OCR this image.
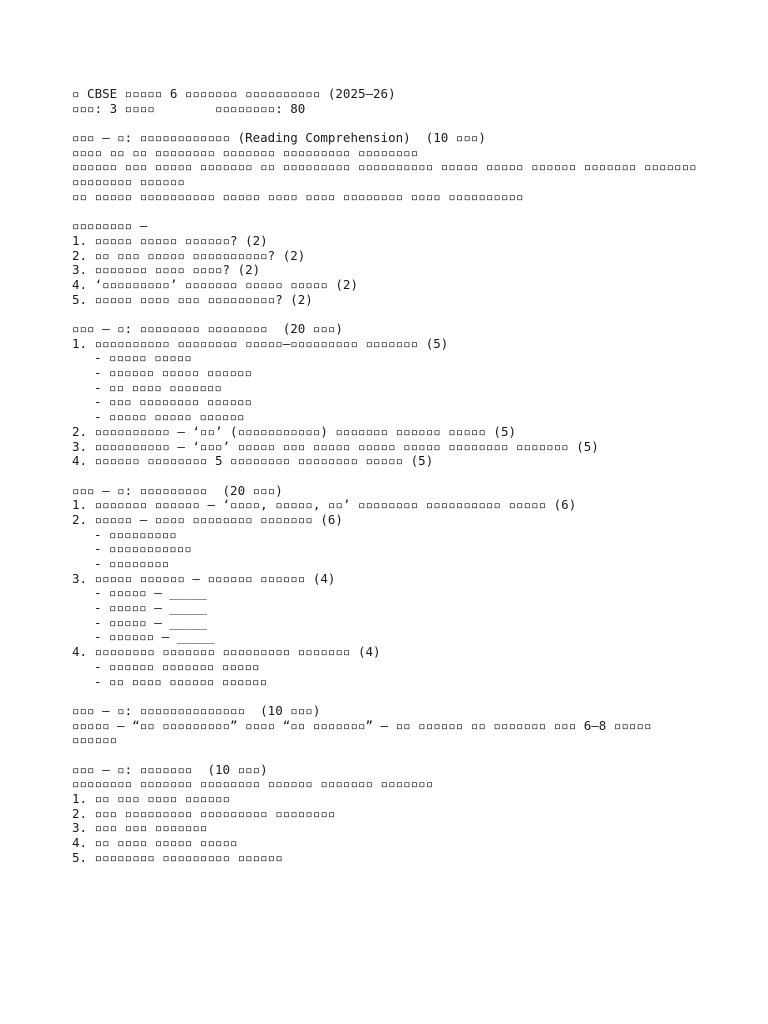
▫ CBSE ▫▫▫▫▫ 6 ▫▫▫▫▫▫▫ ▫▫▫▫▫▫▫▫▫▫ (2025–26)
▫▫▫: 3 ▫▫▫▫        ▫▫▫▫▫▫▫▫: 80
▫▫▫ – ▫: ▫▫▫▫▫▫▫▫▫▫▫▫ (Reading Comprehension)  (10 ▫▫▫)
▫▫▫▫ ▫▫ ▫▫ ▫▫▫▫▫▫▫▫ ▫▫▫▫▫▫▫ ▫▫▫▫▫▫▫▫▫ ▫▫▫▫▫▫▫▫
▫▫▫▫▫▫ ▫▫▫ ▫▫▫▫▫ ▫▫▫▫▫▫▫ ▫▫ ▫▫▫▫▫▫▫▫▫ ▫▫▫▫▫▫▫▫▫▫ ▫▫▫▫▫ ▫▫▫▫▫ ▫▫▫▫▫▫ ▫▫▫▫▫▫▫ ▫▫▫▫▫▫▫
▫▫▫▫▫▫▫▫ ▫▫▫▫▫▫
▫▫ ▫▫▫▫▫ ▫▫▫▫▫▫▫▫▫▫ ▫▫▫▫▫ ▫▫▫▫ ▫▫▫▫ ▫▫▫▫▫▫▫▫ ▫▫▫▫ ▫▫▫▫▫▫▫▫▫▫
▫▫▫▫▫▫▫▫ –
1. ▫▫▫▫▫ ▫▫▫▫▫ ▫▫▫▫▫▫? (2)
2. ▫▫ ▫▫▫ ▫▫▫▫▫ ▫▫▫▫▫▫▫▫▫▫? (2)
3. ▫▫▫▫▫▫▫ ▫▫▫▫ ▫▫▫▫? (2)
4. ‘▫▫▫▫▫▫▫▫▫’ ▫▫▫▫▫▫▫ ▫▫▫▫▫ ▫▫▫▫▫ (2)
5. ▫▫▫▫▫ ▫▫▫▫ ▫▫▫ ▫▫▫▫▫▫▫▫▫? (2)
▫▫▫ – ▫: ▫▫▫▫▫▫▫▫ ▫▫▫▫▫▫▫▫  (20 ▫▫▫)
1. ▫▫▫▫▫▫▫▫▫▫ ▫▫▫▫▫▫▫▫ ▫▫▫▫▫–▫▫▫▫▫▫▫▫▫ ▫▫▫▫▫▫▫ (5)
- ▫▫▫▫▫ ▫▫▫▫▫
- ▫▫▫▫▫▫ ▫▫▫▫▫ ▫▫▫▫▫▫
- ▫▫ ▫▫▫▫ ▫▫▫▫▫▫▫
- ▫▫▫ ▫▫▫▫▫▫▫▫ ▫▫▫▫▫▫
- ▫▫▫▫▫ ▫▫▫▫▫ ▫▫▫▫▫▫
2. ▫▫▫▫▫▫▫▫▫▫ – ‘▫▫’ (▫▫▫▫▫▫▫▫▫▫▫) ▫▫▫▫▫▫▫ ▫▫▫▫▫▫ ▫▫▫▫▫ (5)
3. ▫▫▫▫▫▫▫▫▫▫ – ‘▫▫▫’ ▫▫▫▫▫ ▫▫▫ ▫▫▫▫▫ ▫▫▫▫▫ ▫▫▫▫▫ ▫▫▫▫▫▫▫▫ ▫▫▫▫▫▫▫ (5)
4. ▫▫▫▫▫▫ ▫▫▫▫▫▫▫▫ 5 ▫▫▫▫▫▫▫▫ ▫▫▫▫▫▫▫▫ ▫▫▫▫▫ (5)
▫▫▫ – ▫: ▫▫▫▫▫▫▫▫▫  (20 ▫▫▫)
1. ▫▫▫▫▫▫▫ ▫▫▫▫▫▫ – ‘▫▫▫▫, ▫▫▫▫▫, ▫▫’ ▫▫▫▫▫▫▫▫ ▫▫▫▫▫▫▫▫▫▫ ▫▫▫▫▫ (6)
2. ▫▫▫▫▫ – ▫▫▫▫ ▫▫▫▫▫▫▫▫ ▫▫▫▫▫▫▫ (6)
- ▫▫▫▫▫▫▫▫▫
- ▫▫▫▫▫▫▫▫▫▫▫
- ▫▫▫▫▫▫▫▫
3. ▫▫▫▫▫ ▫▫▫▫▫▫ – ▫▫▫▫▫▫ ▫▫▫▫▫▫ (4)
- ▫▫▫▫▫ – _____
- ▫▫▫▫▫ – _____
- ▫▫▫▫▫ – _____
- ▫▫▫▫▫▫ – _____
4. ▫▫▫▫▫▫▫▫ ▫▫▫▫▫▫▫ ▫▫▫▫▫▫▫▫▫ ▫▫▫▫▫▫▫ (4)
- ▫▫▫▫▫▫ ▫▫▫▫▫▫▫ ▫▫▫▫▫
- ▫▫ ▫▫▫▫ ▫▫▫▫▫▫ ▫▫▫▫▫▫
▫▫▫ – ▫: ▫▫▫▫▫▫▫▫▫▫▫▫▫▫  (10 ▫▫▫)
▫▫▫▫▫ – “▫▫ ▫▫▫▫▫▫▫▫▫” ▫▫▫▫ “▫▫ ▫▫▫▫▫▫▫” – ▫▫ ▫▫▫▫▫▫ ▫▫ ▫▫▫▫▫▫▫ ▫▫▫ 6–8 ▫▫▫▫▫
▫▫▫▫▫▫
▫▫▫ – ▫: ▫▫▫▫▫▫▫  (10 ▫▫▫)
▫▫▫▫▫▫▫▫ ▫▫▫▫▫▫▫ ▫▫▫▫▫▫▫▫ ▫▫▫▫▫▫ ▫▫▫▫▫▫▫ ▫▫▫▫▫▫▫
1. ▫▫ ▫▫▫ ▫▫▫▫ ▫▫▫▫▫▫
2. ▫▫▫ ▫▫▫▫▫▫▫▫▫ ▫▫▫▫▫▫▫▫▫ ▫▫▫▫▫▫▫▫
3. ▫▫▫ ▫▫▫ ▫▫▫▫▫▫▫
4. ▫▫ ▫▫▫▫ ▫▫▫▫▫ ▫▫▫▫▫
5. ▫▫▫▫▫▫▫▫ ▫▫▫▫▫▫▫▫▫ ▫▫▫▫▫▫
